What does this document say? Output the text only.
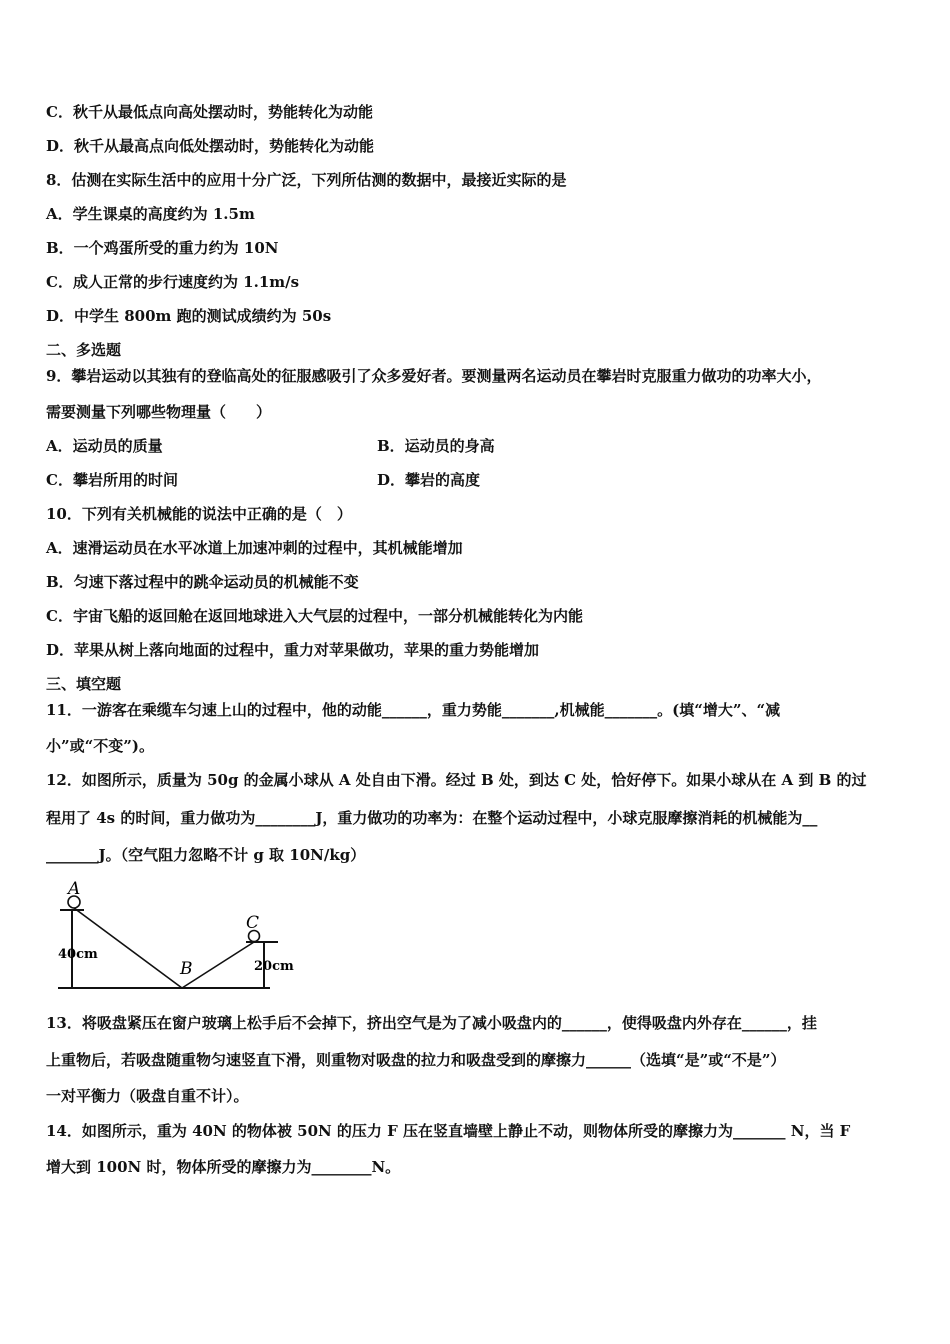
C．秋千从最低点向高处摆动时，势能转化为动能
D．秋千从最高点向低处摆动时，势能转化为动能
8．估测在实际生活中的应用十分广泛，下列所估测的数据中，最接近实际的是
A．学生课桌的高度约为 1.5m
B．一个鸡蛋所受的重力约为 10N
C．成人正常的步行速度约为 1.1m/s
D．中学生 800m 跑的测试成绩约为 50s
二、多选题
9．攀岩运动以其独有的登临高处的征服感吸引了众多爱好者。要测量两名运动员在攀岩时克服重力做功的功率大小，
需要测量下列哪些物理量（　　）
A．运动员的质量	B．运动员的身高
C．攀岩所用的时间	D．攀岩的高度
10．下列有关机械能的说法中正确的是（　）
A．速滑运动员在水平冰道上加速冲刺的过程中，其机械能增加
B．匀速下落过程中的跳伞运动员的机械能不变
C．宇宙飞船的返回舱在返回地球进入大气层的过程中，一部分机械能转化为内能
D．苹果从树上落向地面的过程中，重力对苹果做功，苹果的重力势能增加
三、填空题
11．一游客在乘缆车匀速上山的过程中，他的动能______，重力势能_______,机械能_______。(填“增大”、“减
小”或“不变”)。
12．如图所示，质量为 50g 的金属小球从 A 处自由下滑。经过 B 处，到达 C 处，恰好停下。如果小球从在 A 到 B 的过
程用了 4s 的时间，重力做功为________J，重力做功的功率为：在整个运动过程中，小球克服摩擦消耗的机械能为__
_______J。（空气阻力忽略不计 g 取 10N/kg）
A
B
C
40cm
20cm
13．将吸盘紧压在窗户玻璃上松手后不会掉下，挤出空气是为了减小吸盘内的______，使得吸盘内外存在______，挂
上重物后，若吸盘随重物匀速竖直下滑，则重物对吸盘的拉力和吸盘受到的摩擦力______（选填“是”或“不是”）
一对平衡力（吸盘自重不计）。
14．如图所示，重为 40N 的物体被 50N 的压力 F 压在竖直墙壁上静止不动，则物体所受的摩擦力为_______ N，当 F
增大到 100N 时，物体所受的摩擦力为________N。
